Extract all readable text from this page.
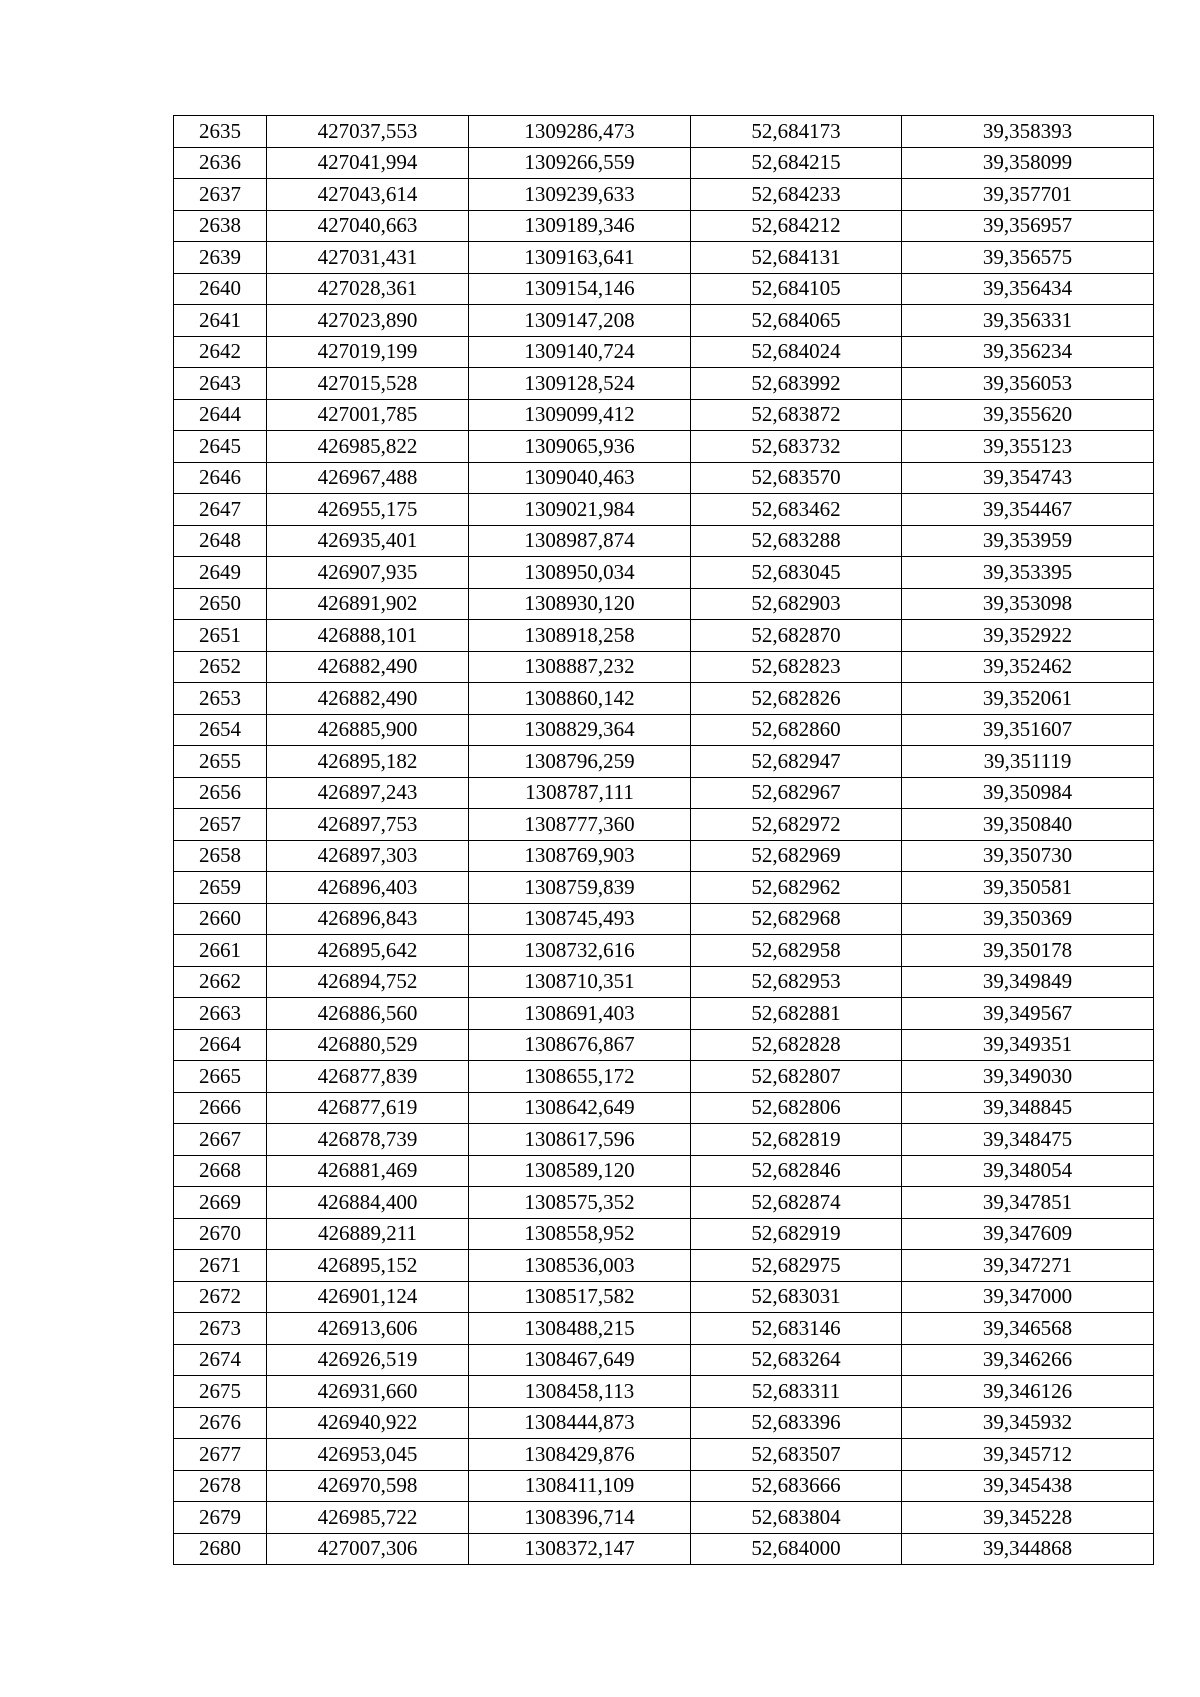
2635	427037,553	1309286,473	52,684173	39,358393
2636	427041,994	1309266,559	52,684215	39,358099
2637	427043,614	1309239,633	52,684233	39,357701
2638	427040,663	1309189,346	52,684212	39,356957
2639	427031,431	1309163,641	52,684131	39,356575
2640	427028,361	1309154,146	52,684105	39,356434
2641	427023,890	1309147,208	52,684065	39,356331
2642	427019,199	1309140,724	52,684024	39,356234
2643	427015,528	1309128,524	52,683992	39,356053
2644	427001,785	1309099,412	52,683872	39,355620
2645	426985,822	1309065,936	52,683732	39,355123
2646	426967,488	1309040,463	52,683570	39,354743
2647	426955,175	1309021,984	52,683462	39,354467
2648	426935,401	1308987,874	52,683288	39,353959
2649	426907,935	1308950,034	52,683045	39,353395
2650	426891,902	1308930,120	52,682903	39,353098
2651	426888,101	1308918,258	52,682870	39,352922
2652	426882,490	1308887,232	52,682823	39,352462
2653	426882,490	1308860,142	52,682826	39,352061
2654	426885,900	1308829,364	52,682860	39,351607
2655	426895,182	1308796,259	52,682947	39,351119
2656	426897,243	1308787,111	52,682967	39,350984
2657	426897,753	1308777,360	52,682972	39,350840
2658	426897,303	1308769,903	52,682969	39,350730
2659	426896,403	1308759,839	52,682962	39,350581
2660	426896,843	1308745,493	52,682968	39,350369
2661	426895,642	1308732,616	52,682958	39,350178
2662	426894,752	1308710,351	52,682953	39,349849
2663	426886,560	1308691,403	52,682881	39,349567
2664	426880,529	1308676,867	52,682828	39,349351
2665	426877,839	1308655,172	52,682807	39,349030
2666	426877,619	1308642,649	52,682806	39,348845
2667	426878,739	1308617,596	52,682819	39,348475
2668	426881,469	1308589,120	52,682846	39,348054
2669	426884,400	1308575,352	52,682874	39,347851
2670	426889,211	1308558,952	52,682919	39,347609
2671	426895,152	1308536,003	52,682975	39,347271
2672	426901,124	1308517,582	52,683031	39,347000
2673	426913,606	1308488,215	52,683146	39,346568
2674	426926,519	1308467,649	52,683264	39,346266
2675	426931,660	1308458,113	52,683311	39,346126
2676	426940,922	1308444,873	52,683396	39,345932
2677	426953,045	1308429,876	52,683507	39,345712
2678	426970,598	1308411,109	52,683666	39,345438
2679	426985,722	1308396,714	52,683804	39,345228
2680	427007,306	1308372,147	52,684000	39,344868
